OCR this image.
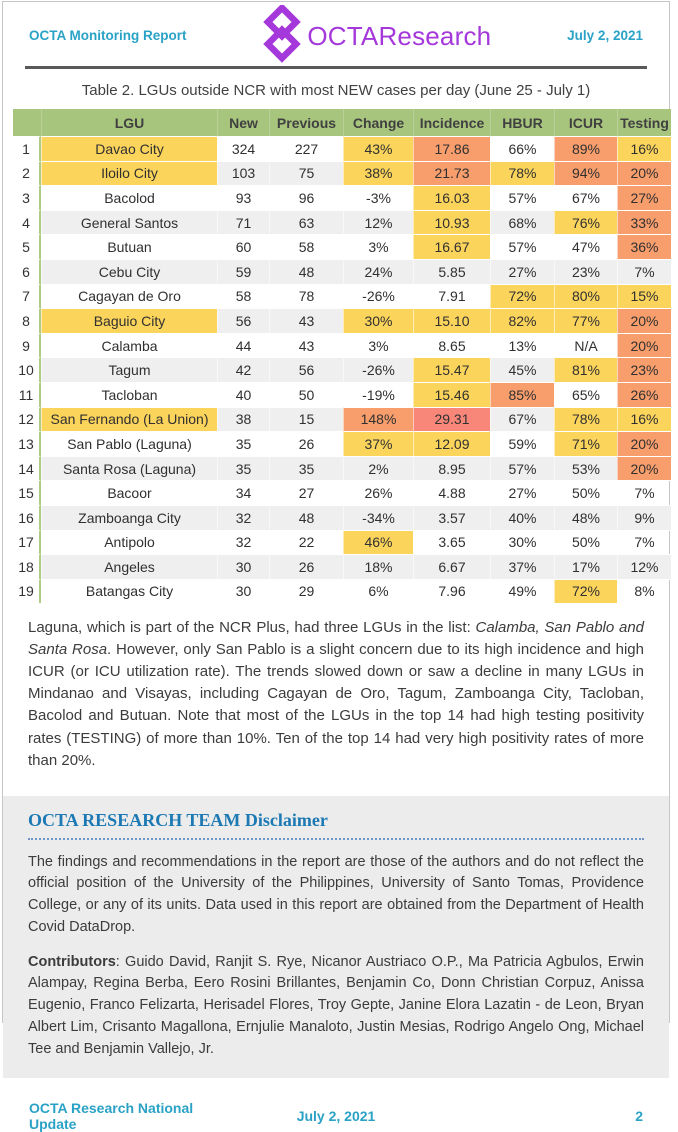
OCTA Monitoring Report	OCTAResearch	July 2, 2021
Table 2. LGUs outside NCR with most NEW cases per day (June 25 - July 1)
	LGU	New	Previous	Change	Incidence	HBUR	ICUR	Testing
1	Davao City	324	227	43%	17.86	66%	89%	16%
2	Iloilo City	103	75	38%	21.73	78%	94%	20%
3	Bacolod	93	96	-3%	16.03	57%	67%	27%
4	General Santos	71	63	12%	10.93	68%	76%	33%
5	Butuan	60	58	3%	16.67	57%	47%	36%
6	Cebu City	59	48	24%	5.85	27%	23%	7%
7	Cagayan de Oro	58	78	-26%	7.91	72%	80%	15%
8	Baguio City	56	43	30%	15.10	82%	77%	20%
9	Calamba	44	43	3%	8.65	13%	N/A	20%
10	Tagum	42	56	-26%	15.47	45%	81%	23%
11	Tacloban	40	50	-19%	15.46	85%	65%	26%
12	San Fernando (La Union)	38	15	148%	29.31	67%	78%	16%
13	San Pablo (Laguna)	35	26	37%	12.09	59%	71%	20%
14	Santa Rosa (Laguna)	35	35	2%	8.95	57%	53%	20%
15	Bacoor	34	27	26%	4.88	27%	50%	7%
16	Zamboanga City	32	48	-34%	3.57	40%	48%	9%
17	Antipolo	32	22	46%	3.65	30%	50%	7%
18	Angeles	30	26	18%	6.67	37%	17%	12%
19	Batangas City	30	29	6%	7.96	49%	72%	8%

Laguna, which is part of the NCR Plus, had three LGUs in the list: Calamba, San Pablo and Santa Rosa. However, only San Pablo is a slight concern due to its high incidence and high ICUR (or ICU utilization rate). The trends slowed down or saw a decline in many LGUs in Mindanao and Visayas, including Cagayan de Oro, Tagum, Zamboanga City, Tacloban, Bacolod and Butuan. Note that most of the LGUs in the top 14 had high testing positivity rates (TESTING) of more than 10%. Ten of the top 14 had very high positivity rates of more than 20%.

OCTA RESEARCH TEAM Disclaimer

The findings and recommendations in the report are those of the authors and do not reflect the official position of the University of the Philippines, University of Santo Tomas, Providence College, or any of its units. Data used in this report are obtained from the Department of Health Covid DataDrop.

Contributors: Guido David, Ranjit S. Rye, Nicanor Austriaco O.P., Ma Patricia Agbulos, Erwin Alampay, Regina Berba, Eero Rosini Brillantes, Benjamin Co, Donn Christian Corpuz, Anissa Eugenio, Franco Felizarta, Herisadel Flores, Troy Gepte, Janine Elora Lazatin - de Leon, Bryan Albert Lim, Crisanto Magallona, Ernjulie Manaloto, Justin Mesias, Rodrigo Angelo Ong, Michael Tee and Benjamin Vallejo, Jr.

OCTA Research National Update	July 2, 2021	2
